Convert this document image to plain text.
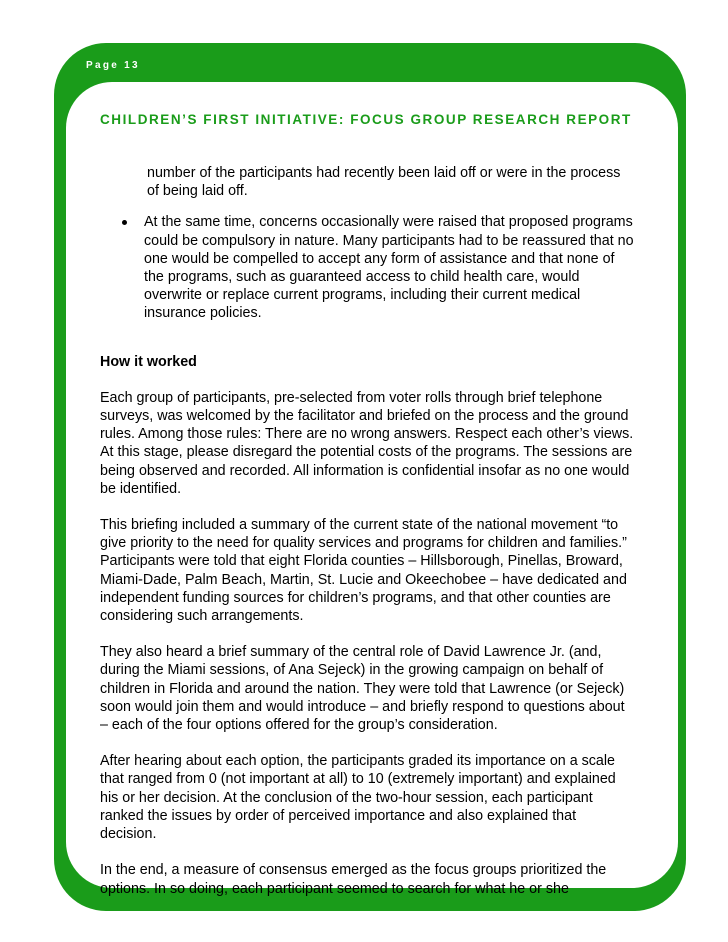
Page 13

CHILDREN’S FIRST INITIATIVE: FOCUS GROUP RESEARCH REPORT

number of the participants had recently been laid off or were in the process of being laid off.

At the same time, concerns occasionally were raised that proposed programs could be compulsory in nature. Many participants had to be reassured that no one would be compelled to accept any form of assistance and that none of the programs, such as guaranteed access to child health care, would overwrite or replace current programs, including their current medical insurance policies.

How it worked

Each group of participants, pre-selected from voter rolls through brief telephone surveys, was welcomed by the facilitator and briefed on the process and the ground rules. Among those rules: There are no wrong answers. Respect each other’s views. At this stage, please disregard the potential costs of the programs. The sessions are being observed and recorded. All information is confidential insofar as no one would be identified.

This briefing included a summary of the current state of the national movement “to give priority to the need for quality services and programs for children and families.” Participants were told that eight Florida counties – Hillsborough, Pinellas, Broward, Miami-Dade, Palm Beach, Martin, St. Lucie and Okeechobee – have dedicated and independent funding sources for children’s programs, and that other counties are considering such arrangements.

They also heard a brief summary of the central role of David Lawrence Jr. (and, during the Miami sessions, of Ana Sejeck) in the growing campaign on behalf of children in Florida and around the nation. They were told that Lawrence (or Sejeck) soon would join them and would introduce – and briefly respond to questions about – each of the four options offered for the group’s consideration.

After hearing about each option, the participants graded its importance on a scale that ranged from 0 (not important at all) to 10 (extremely important) and explained his or her decision. At the conclusion of the two-hour session, each participant ranked the issues by order of perceived importance and also explained that decision.

In the end, a measure of consensus emerged as the focus groups prioritized the options. In so doing, each participant seemed to search for what he or she
